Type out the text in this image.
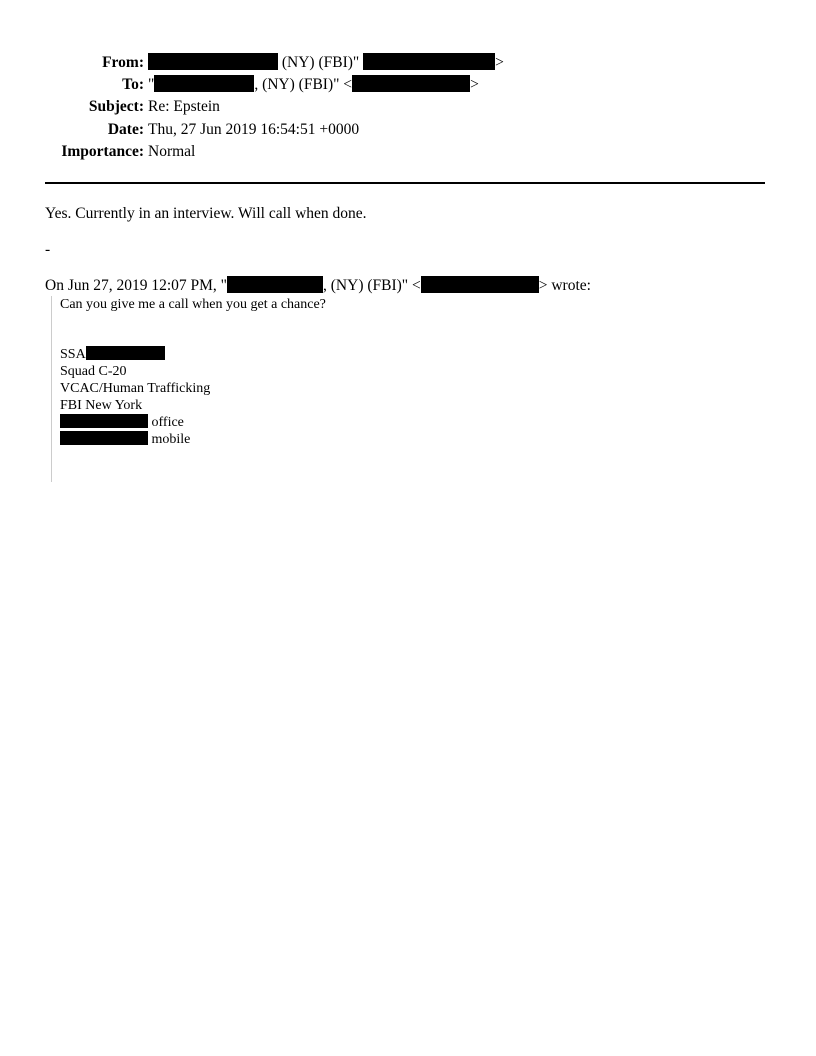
From:	(NY) (FBI)"	>
To: "	, (NY) (FBI)" <	>
Subject: Re: Epstein
Date: Thu, 27 Jun 2019 16:54:51 +0000
Importance: Normal
Yes. Currently in an interview. Will call when done.
-
On Jun 27, 2019 12:07 PM, "	, (NY) (FBI)" <	> wrote:
Can you give me a call when you get a chance?
SSA
Squad C-20
VCAC/Human Trafficking
FBI New York
office
mobile
